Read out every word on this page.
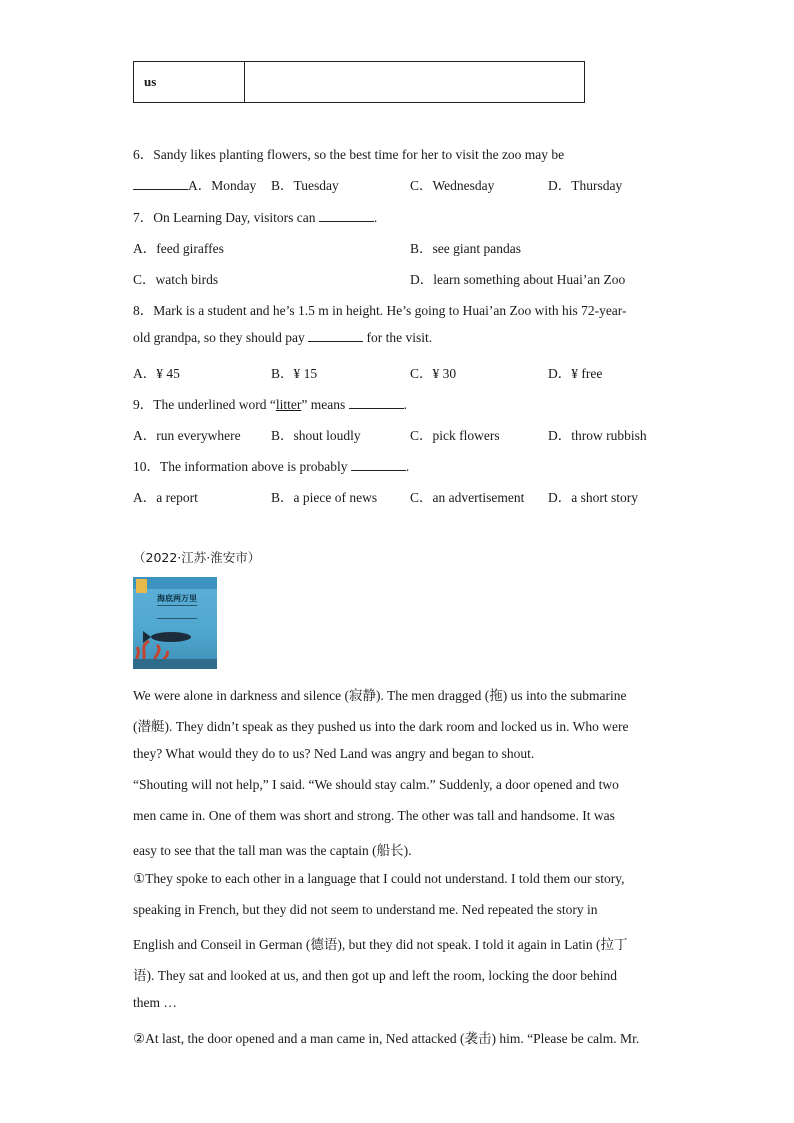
us	
6．Sandy likes planting flowers, so the best time for her to visit the zoo may be
A．Monday B．Tuesday	C．Wednesday	D．Thursday
7．On Learning Day, visitors can	.
A．feed giraffes	B．see giant pandas
C．watch birds	D．learn something about Huai’an Zoo
8．Mark is a student and he’s 1.5 m in height. He’s going to Huai’an Zoo with his 72-year-
old grandpa, so they should pay	for the visit.
A．¥ 45	B．¥ 15	C．¥ 30	D．¥ free
9．The underlined word “litter” means	.
A．run everywhere B．shout loudly	C．pick flowers	D．throw rubbish
10．The information above is probably	.
A．a report	B．a piece of news C．an advertisement D．a short story
（2022·江苏·淮安市）
海底两万里
We were alone in darkness and silence (寂静). The men dragged (拖) us into the submarine
(潜艇). They didn’t speak as they pushed us into the dark room and locked us in. Who were
they? What would they do to us? Ned Land was angry and began to shout.
“Shouting will not help,” I said. “We should stay calm.” Suddenly, a door opened and two
men came in. One of them was short and strong. The other was tall and handsome. It was
easy to see that the tall man was the captain (船长).
①They spoke to each other in a language that I could not understand. I told them our story,
speaking in French, but they did not seem to understand me. Ned repeated the story in
English and Conseil in German (德语), but they did not speak. I told it again in Latin (拉丁
语). They sat and looked at us, and then got up and left the room, locking the door behind
them …
②At last, the door opened and a man came in, Ned attacked (袭击) him. “Please be calm. Mr.
